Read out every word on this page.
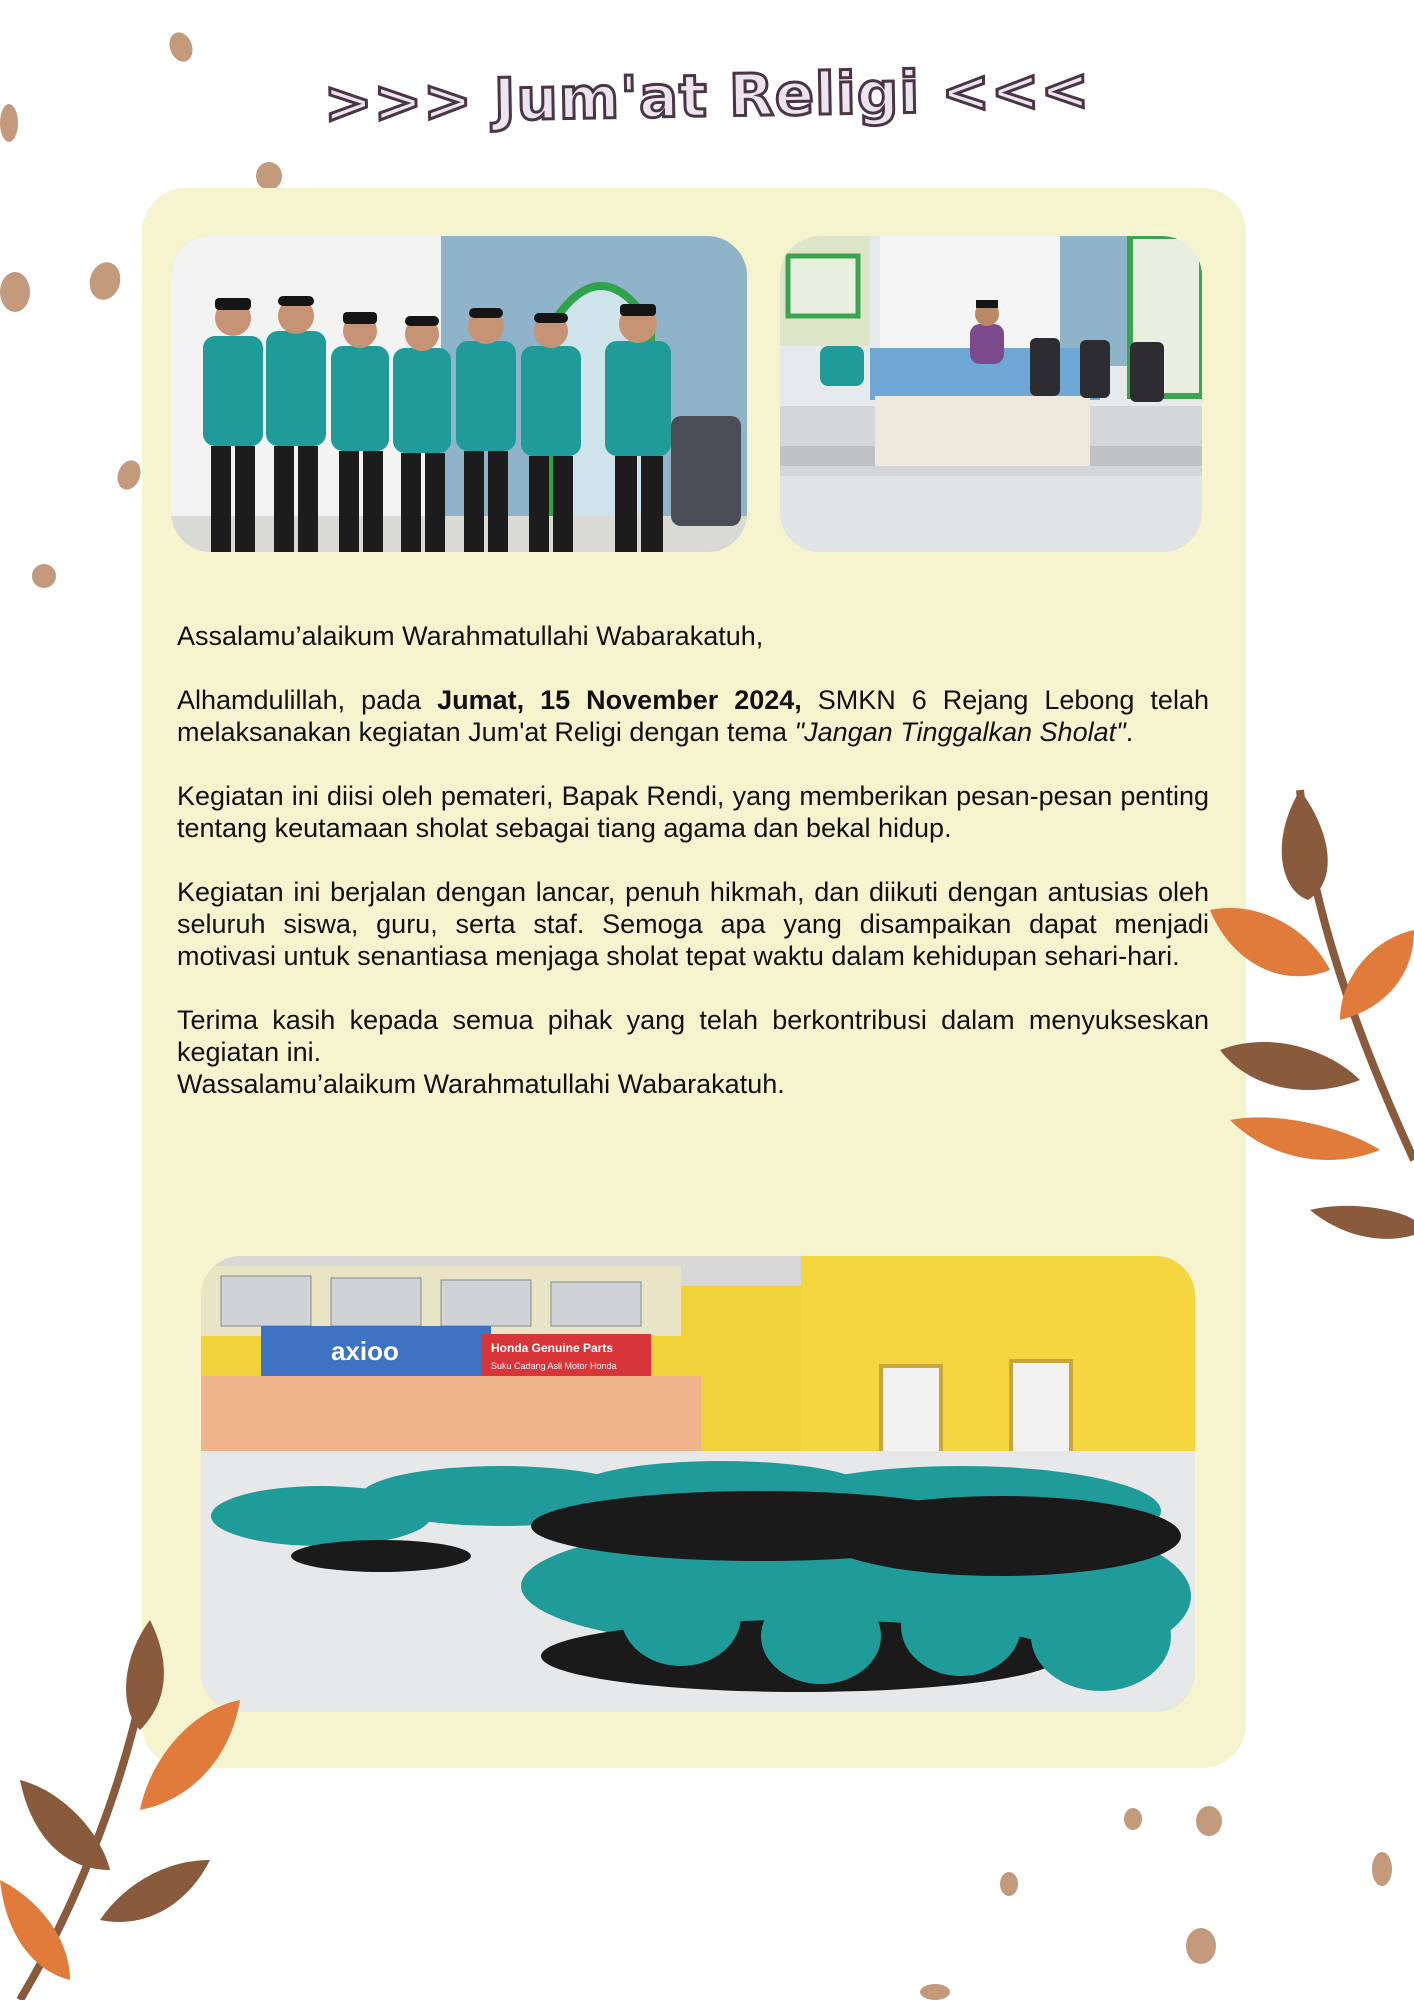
>>> Jum'at Religi <<<

Assalamu’alaikum Warahmatullahi Wabarakatuh,

Alhamdulillah, pada Jumat, 15 November 2024, SMKN 6 Rejang Lebong telah melaksanakan kegiatan Jum'at Religi dengan tema "Jangan Tinggalkan Sholat".

Kegiatan ini diisi oleh pemateri, Bapak Rendi, yang memberikan pesan-pesan penting tentang keutamaan sholat sebagai tiang agama dan bekal hidup.

Kegiatan ini berjalan dengan lancar, penuh hikmah, dan diikuti dengan antusias oleh seluruh siswa, guru, serta staf. Semoga apa yang disampaikan dapat menjadi motivasi untuk senantiasa menjaga sholat tepat waktu dalam kehidupan sehari-hari.

Terima kasih kepada semua pihak yang telah berkontribusi dalam menyukseskan kegiatan ini.

Wassalamu’alaikum Warahmatullahi Wabarakatuh.

axioo	Honda Genuine Parts
Suku Cadang Asli Motor Honda
